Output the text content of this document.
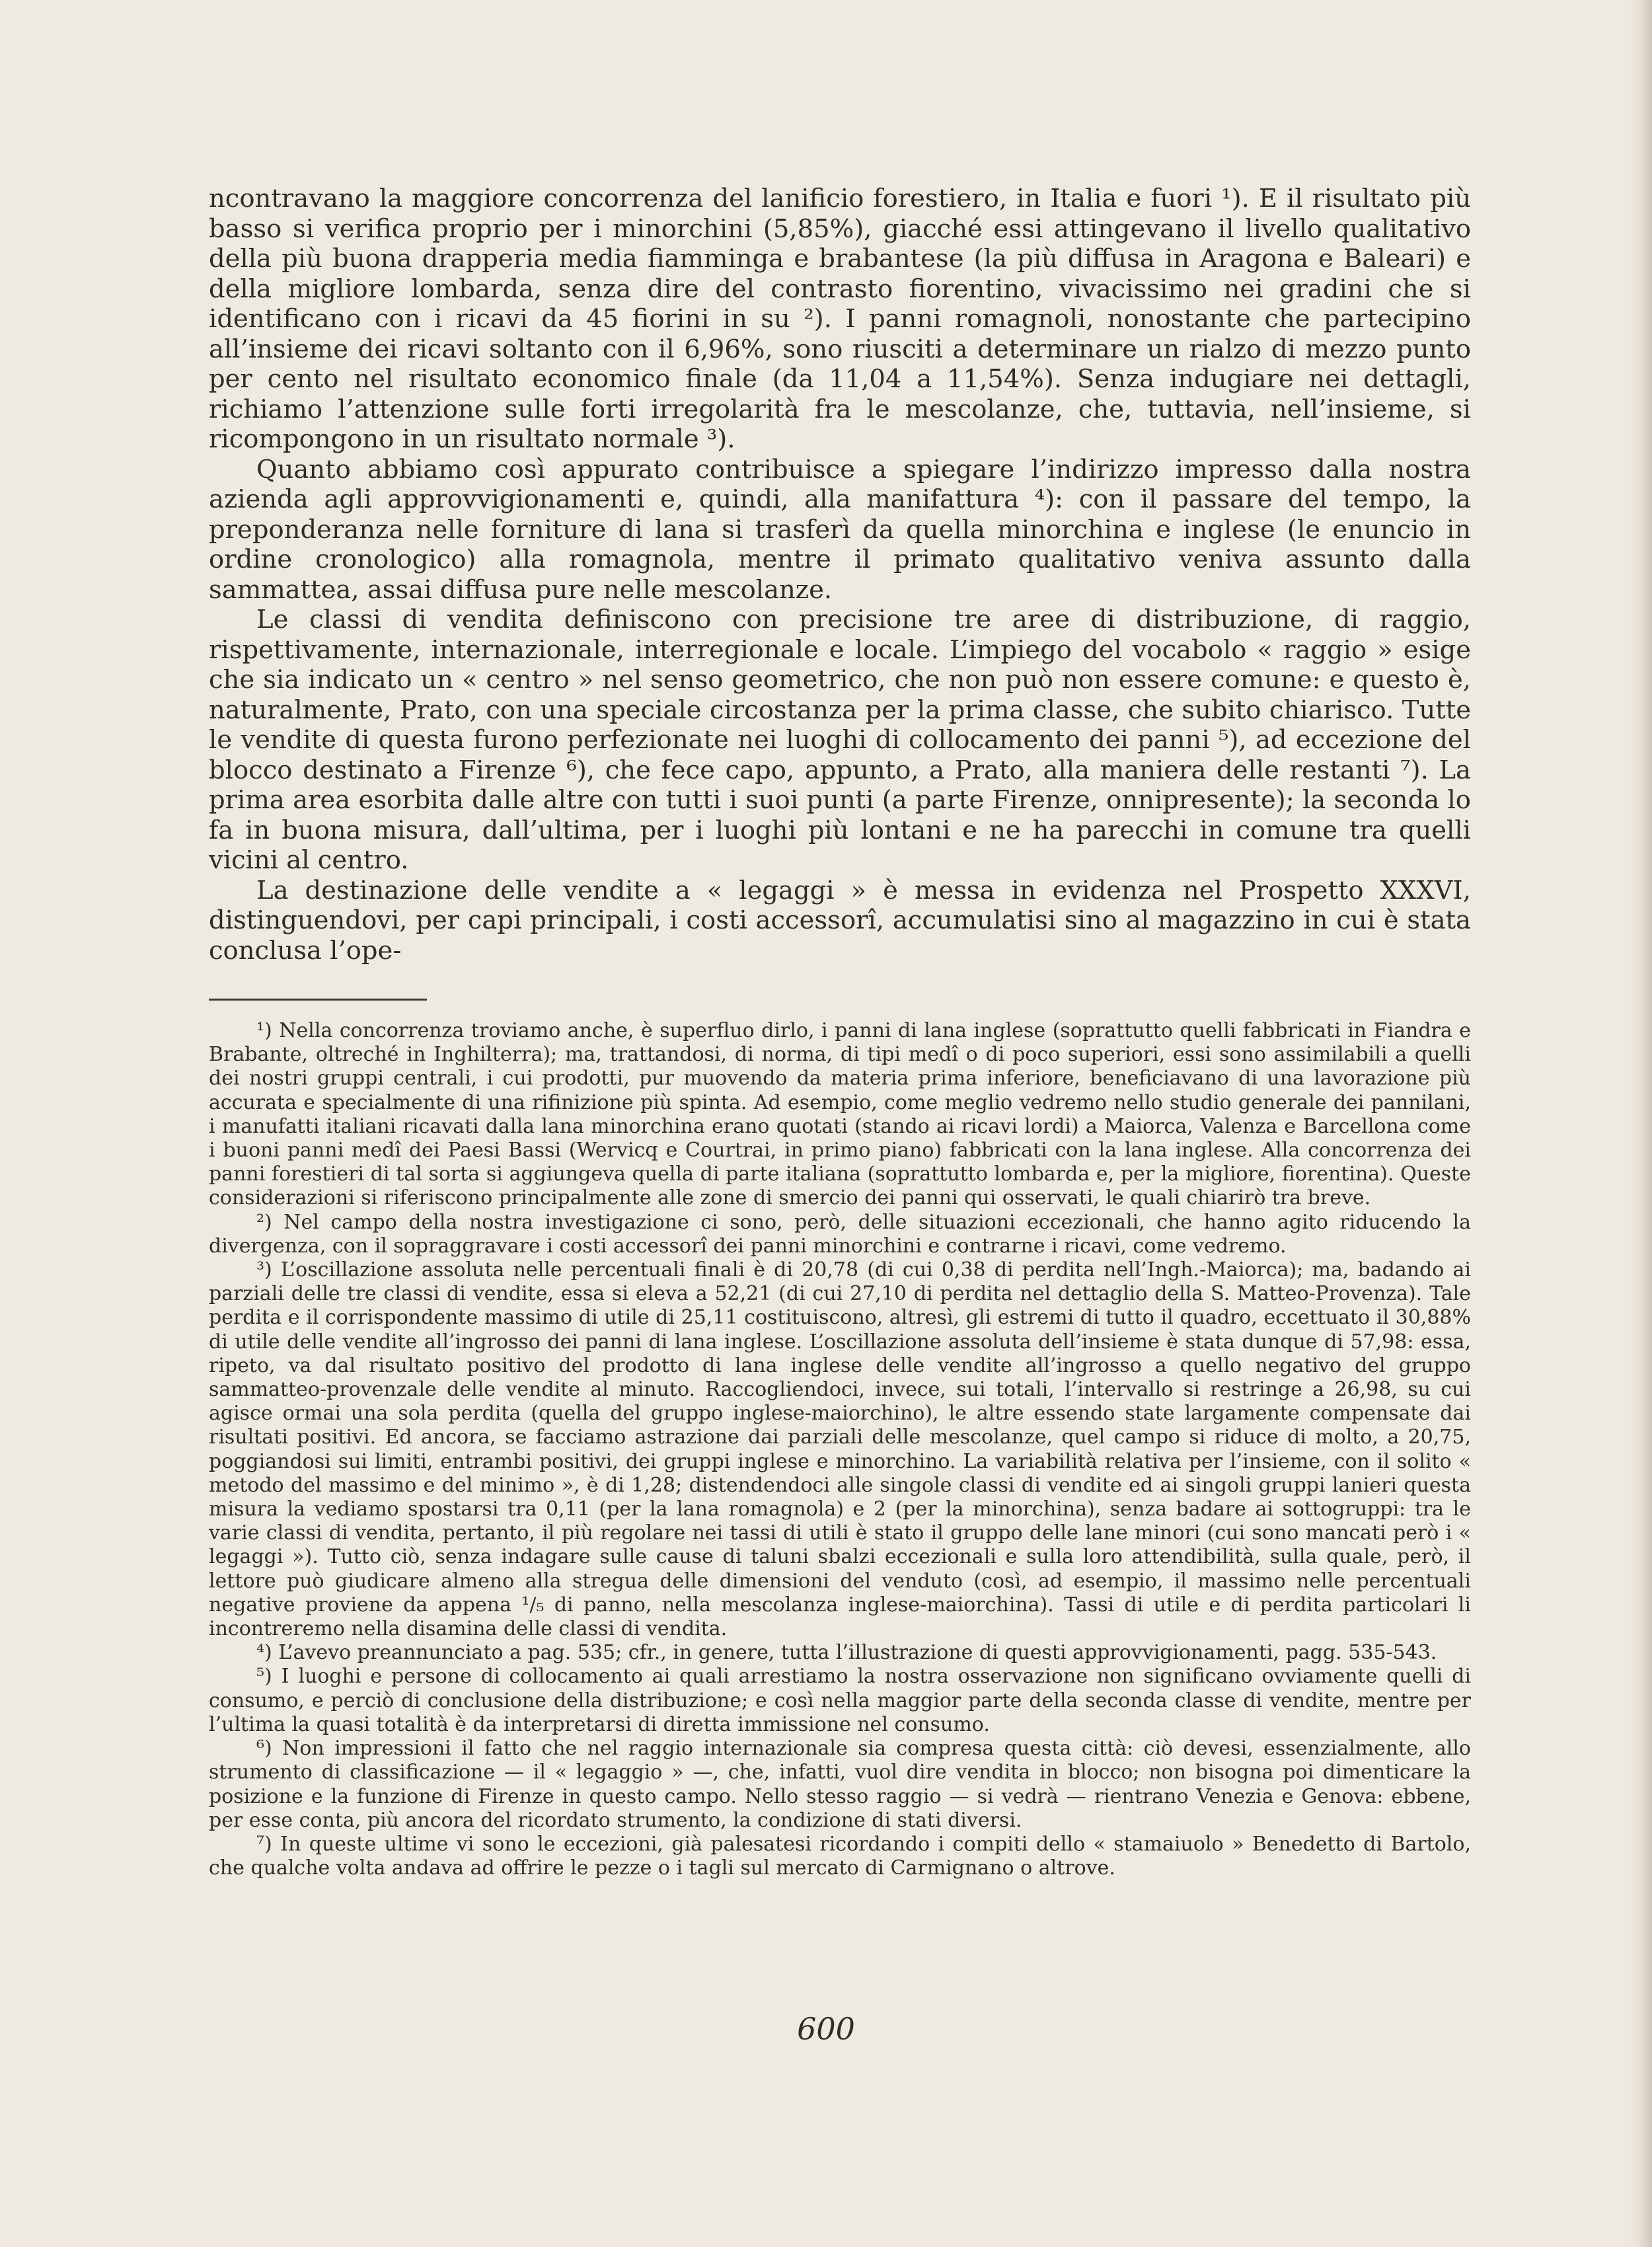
ncontravano la maggiore concorrenza del lanificio forestiero, in Italia e fuori ¹). E il risultato più basso si verifica proprio per i minorchini (5,85%), giacché essi attingevano il livello qualitativo della più buona drapperia media fiamminga e brabantese (la più diffusa in Aragona e Baleari) e della migliore lombarda, senza dire del contrasto fiorentino, vivacissimo nei gradini che si identificano con i ricavi da 45 fiorini in su ²). I panni romagnoli, nonostante che partecipino all’insieme dei ricavi soltanto con il 6,96%, sono riusciti a determinare un rialzo di mezzo punto per cento nel risultato economico finale (da 11,04 a 11,54%). Senza indugiare nei dettagli, richiamo l’attenzione sulle forti irregolarità fra le mescolanze, che, tuttavia, nell’insieme, si ricompongono in un risultato normale ³).

Quanto abbiamo così appurato contribuisce a spiegare l’indirizzo impresso dalla nostra azienda agli approvvigionamenti e, quindi, alla manifattura ⁴): con il passare del tempo, la preponderanza nelle forniture di lana si trasferì da quella minorchina e inglese (le enuncio in ordine cronologico) alla romagnola, mentre il primato qualitativo veniva assunto dalla sammattea, assai diffusa pure nelle mescolanze.

Le classi di vendita definiscono con precisione tre aree di distribuzione, di raggio, rispettivamente, internazionale, interregionale e locale. L’impiego del vocabolo « raggio » esige che sia indicato un « centro » nel senso geometrico, che non può non essere comune: e questo è, naturalmente, Prato, con una speciale circostanza per la prima classe, che subito chiarisco. Tutte le vendite di questa furono perfezionate nei luoghi di collocamento dei panni ⁵), ad eccezione del blocco destinato a Firenze ⁶), che fece capo, appunto, a Prato, alla maniera delle restanti ⁷). La prima area esorbita dalle altre con tutti i suoi punti (a parte Firenze, onnipresente); la seconda lo fa in buona misura, dall’ultima, per i luoghi più lontani e ne ha parecchi in comune tra quelli vicini al centro.

La destinazione delle vendite a « legaggi » è messa in evidenza nel Prospetto XXXVI, distinguendovi, per capi principali, i costi accessorî, accumulatisi sino al magazzino in cui è stata conclusa l’ope-

¹) Nella concorrenza troviamo anche, è superfluo dirlo, i panni di lana inglese (soprattutto quelli fabbricati in Fiandra e Brabante, oltreché in Inghilterra); ma, trattandosi, di norma, di tipi medî o di poco superiori, essi sono assimilabili a quelli dei nostri gruppi centrali, i cui prodotti, pur muovendo da materia prima inferiore, beneficiavano di una lavorazione più accurata e specialmente di una rifinizione più spinta. Ad esempio, come meglio vedremo nello studio generale dei pannilani, i manufatti italiani ricavati dalla lana minorchina erano quotati (stando ai ricavi lordi) a Maiorca, Valenza e Barcellona come i buoni panni medî dei Paesi Bassi (Wervicq e Courtrai, in primo piano) fabbricati con la lana inglese. Alla concorrenza dei panni forestieri di tal sorta si aggiungeva quella di parte italiana (soprattutto lombarda e, per la migliore, fiorentina). Queste considerazioni si riferiscono principalmente alle zone di smercio dei panni qui osservati, le quali chiarirò tra breve.

²) Nel campo della nostra investigazione ci sono, però, delle situazioni eccezionali, che hanno agito riducendo la divergenza, con il sopraggravare i costi accessorî dei panni minorchini e contrarne i ricavi, come vedremo.

³) L’oscillazione assoluta nelle percentuali finali è di 20,78 (di cui 0,38 di perdita nell’Ingh.-Maiorca); ma, badando ai parziali delle tre classi di vendite, essa si eleva a 52,21 (di cui 27,10 di perdita nel dettaglio della S. Matteo-Provenza). Tale perdita e il corrispondente massimo di utile di 25,11 costituiscono, altresì, gli estremi di tutto il quadro, eccettuato il 30,88% di utile delle vendite all’ingrosso dei panni di lana inglese. L’oscillazione assoluta dell’insieme è stata dunque di 57,98: essa, ripeto, va dal risultato positivo del prodotto di lana inglese delle vendite all’ingrosso a quello negativo del gruppo sammatteo-provenzale delle vendite al minuto. Raccogliendoci, invece, sui totali, l’intervallo si restringe a 26,98, su cui agisce ormai una sola perdita (quella del gruppo inglese-maiorchino), le altre essendo state largamente compensate dai risultati positivi. Ed ancora, se facciamo astrazione dai parziali delle mescolanze, quel campo si riduce di molto, a 20,75, poggiandosi sui limiti, entrambi positivi, dei gruppi inglese e minorchino. La variabilità relativa per l’insieme, con il solito « metodo del massimo e del minimo », è di 1,28; distendendoci alle singole classi di vendite ed ai singoli gruppi lanieri questa misura la vediamo spostarsi tra 0,11 (per la lana romagnola) e 2 (per la minorchina), senza badare ai sottogruppi: tra le varie classi di vendita, pertanto, il più regolare nei tassi di utili è stato il gruppo delle lane minori (cui sono mancati però i « legaggi »). Tutto ciò, senza indagare sulle cause di taluni sbalzi eccezionali e sulla loro attendibilità, sulla quale, però, il lettore può giudicare almeno alla stregua delle dimensioni del venduto (così, ad esempio, il massimo nelle percentuali negative proviene da appena ¹/₅ di panno, nella mescolanza inglese-maiorchina). Tassi di utile e di perdita particolari li incontreremo nella disamina delle classi di vendita.

⁴) L’avevo preannunciato a pag. 535; cfr., in genere, tutta l’illustrazione di questi approvvigionamenti, pagg. 535-543.

⁵) I luoghi e persone di collocamento ai quali arrestiamo la nostra osservazione non significano ovviamente quelli di consumo, e perciò di conclusione della distribuzione; e così nella maggior parte della seconda classe di vendite, mentre per l’ultima la quasi totalità è da interpretarsi di diretta immissione nel consumo.

⁶) Non impressioni il fatto che nel raggio internazionale sia compresa questa città: ciò devesi, essenzialmente, allo strumento di classificazione — il « legaggio » —, che, infatti, vuol dire vendita in blocco; non bisogna poi dimenticare la posizione e la funzione di Firenze in questo campo. Nello stesso raggio — si vedrà — rientrano Venezia e Genova: ebbene, per esse conta, più ancora del ricordato strumento, la condizione di stati diversi.

⁷) In queste ultime vi sono le eccezioni, già palesatesi ricordando i compiti dello « stamaiuolo » Benedetto di Bartolo, che qualche volta andava ad offrire le pezze o i tagli sul mercato di Carmignano o altrove.

600
